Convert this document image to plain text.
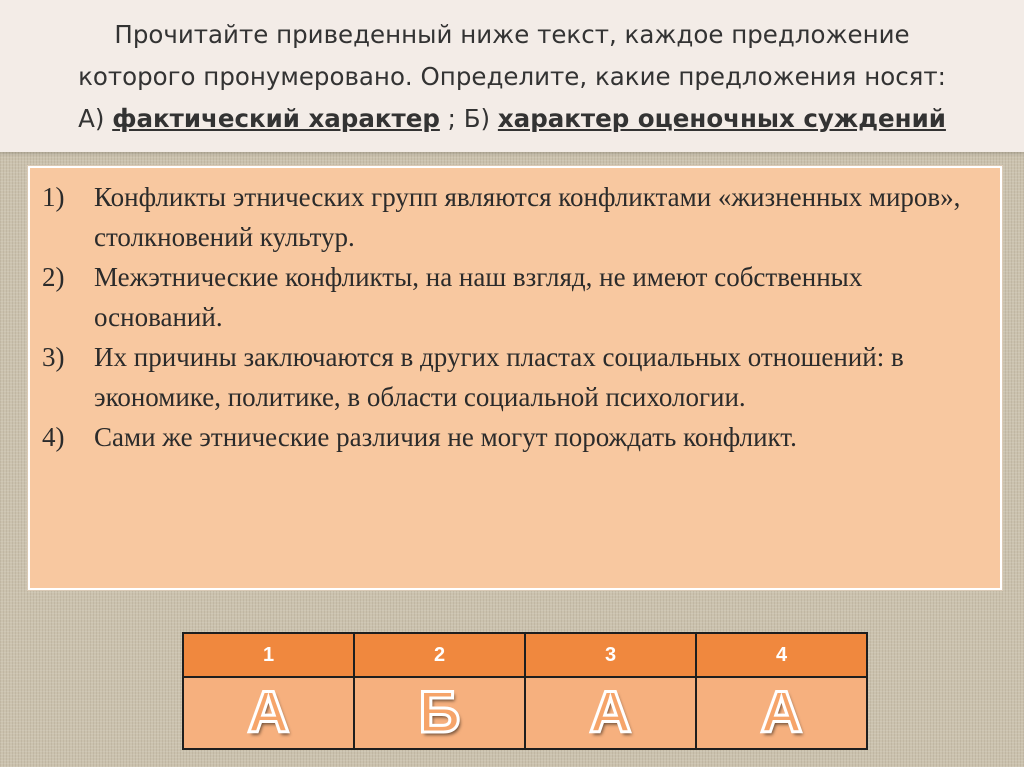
Прочитайте приведенный ниже текст, каждое предложение
которого пронумеровано. Определите, какие предложения носят:
А) фактический характер ; Б) характер оценочных суждений
1) Конфликты этнических групп являются конфликтами «жизненных миров», столкновений культур.
2) Межэтнические конфликты, на наш взгляд, не имеют собственных оснований.
3) Их причины заключаются в других пластах социальных отношений: в экономике, политике, в области социальной психологии.
4) Сами же этнические различия не могут порождать конфликт.
1	2	3	4
А Б А А
